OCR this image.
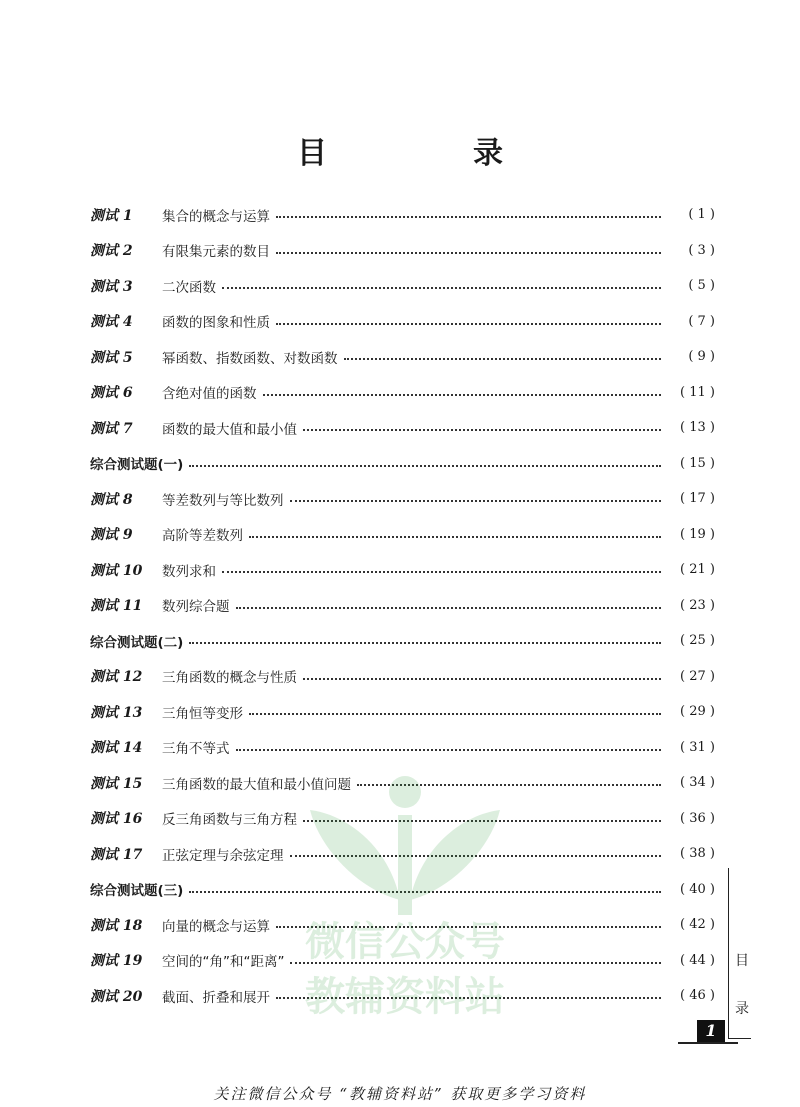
目　录
测试 1	集合的概念与运算	( 1 )
测试 2	有限集元素的数目	( 3 )
测试 3	二次函数	( 5 )
测试 4	函数的图象和性质	( 7 )
测试 5	幂函数、指数函数、对数函数	( 9 )
测试 6	含绝对值的函数	( 11 )
测试 7	函数的最大值和最小值	( 13 )
综合测试题(一)	( 15 )
测试 8	等差数列与等比数列	( 17 )
测试 9	高阶等差数列	( 19 )
测试 10	数列求和	( 21 )
测试 11	数列综合题	( 23 )
综合测试题(二)	( 25 )
测试 12	三角函数的概念与性质	( 27 )
测试 13	三角恒等变形	( 29 )
测试 14	三角不等式	( 31 )
测试 15	三角函数的最大值和最小值问题	( 34 )
测试 16	反三角函数与三角方程	( 36 )
测试 17	正弦定理与余弦定理	( 38 )
综合测试题(三)	( 40 )
测试 18	向量的概念与运算	( 42 )
测试 19	空间的“角”和“距离”	( 44 )
测试 20	截面、折叠和展开	( 46 )
微信公众号
教辅资料站
目
录
1
关注微信公众号 “教辅资料站” 获取更多学习资料
